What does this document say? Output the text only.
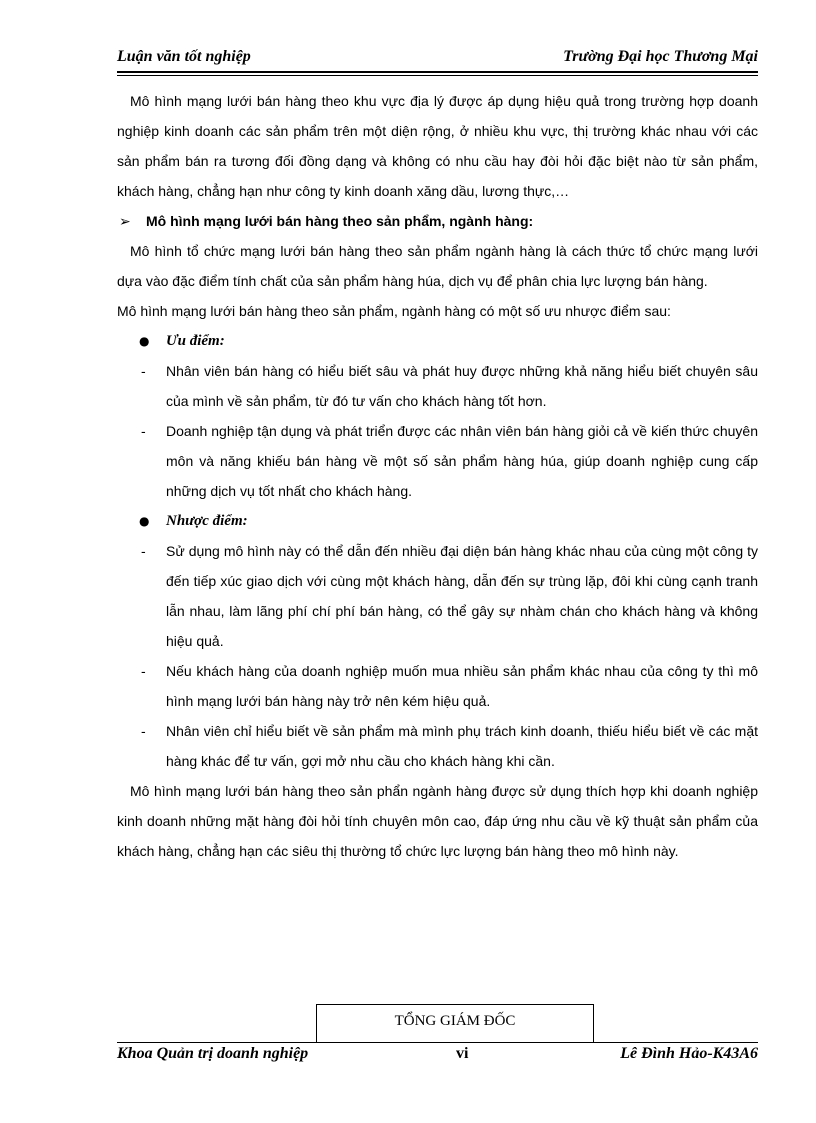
Luận văn tốt nghiệp	Trường Đại học Thương Mại

Mô hình mạng lưới bán hàng theo khu vực địa lý được áp dụng hiệu quả trong trường hợp doanh nghiệp kinh doanh các sản phẩm trên một diện rộng, ở nhiều khu vực, thị trường khác nhau với các sản phẩm bán ra tương đối đồng dạng và không có nhu cầu hay đòi hỏi đặc biệt nào từ sản phẩm, khách hàng, chẳng hạn như công ty kinh doanh xăng dầu, lương thực,…

➢ Mô hình mạng lưới bán hàng theo sản phẩm, ngành hàng:

Mô hình tổ chức mạng lưới bán hàng theo sản phẩm ngành hàng là cách thức tổ chức mạng lưới dựa vào đặc điểm tính chất của sản phẩm hàng húa, dịch vụ để phân chia lực lượng bán hàng.

Mô hình mạng lưới bán hàng theo sản phẩm, ngành hàng có một số ưu nhược điểm sau:

● Ưu điểm:

- Nhân viên bán hàng có hiểu biết sâu và phát huy được những khả năng hiểu biết chuyên sâu của mình về sản phẩm, từ đó tư vấn cho khách hàng tốt hơn.

- Doanh nghiệp tận dụng và phát triển được các nhân viên bán hàng giỏi cả về kiến thức chuyên môn và năng khiếu bán hàng về một số sản phẩm hàng húa, giúp doanh nghiệp cung cấp những dịch vụ tốt nhất cho khách hàng.

● Nhược điểm:

- Sử dụng mô hình này có thể dẫn đến nhiều đại diện bán hàng khác nhau của cùng một công ty đến tiếp xúc giao dịch với cùng một khách hàng, dẫn đến sự trùng lặp, đôi khi cùng cạnh tranh lẫn nhau, làm lãng phí chí phí bán hàng, có thể gây sự nhàm chán cho khách hàng và không hiệu quả.

- Nếu khách hàng của doanh nghiệp muốn mua nhiều sản phẩm khác nhau của công ty thì mô hình mạng lưới bán hàng này trở nên kém hiệu quả.

- Nhân viên chỉ hiểu biết về sản phẩm mà mình phụ trách kinh doanh, thiếu hiểu biết về các mặt hàng khác để tư vấn, gợi mở nhu cầu cho khách hàng khi cần.

Mô hình mạng lưới bán hàng theo sản phẩn ngành hàng được sử dụng thích hợp khi doanh nghiệp kinh doanh những mặt hàng đòi hỏi tính chuyên môn cao, đáp ứng nhu cầu về kỹ thuật sản phẩm của khách hàng, chẳng hạn các siêu thị thường tổ chức lực lượng bán hàng theo mô hình này.

TỔNG GIÁM ĐỐC
Khoa Quản trị doanh nghiệp	vi	Lê Đình Hảo-K43A6
